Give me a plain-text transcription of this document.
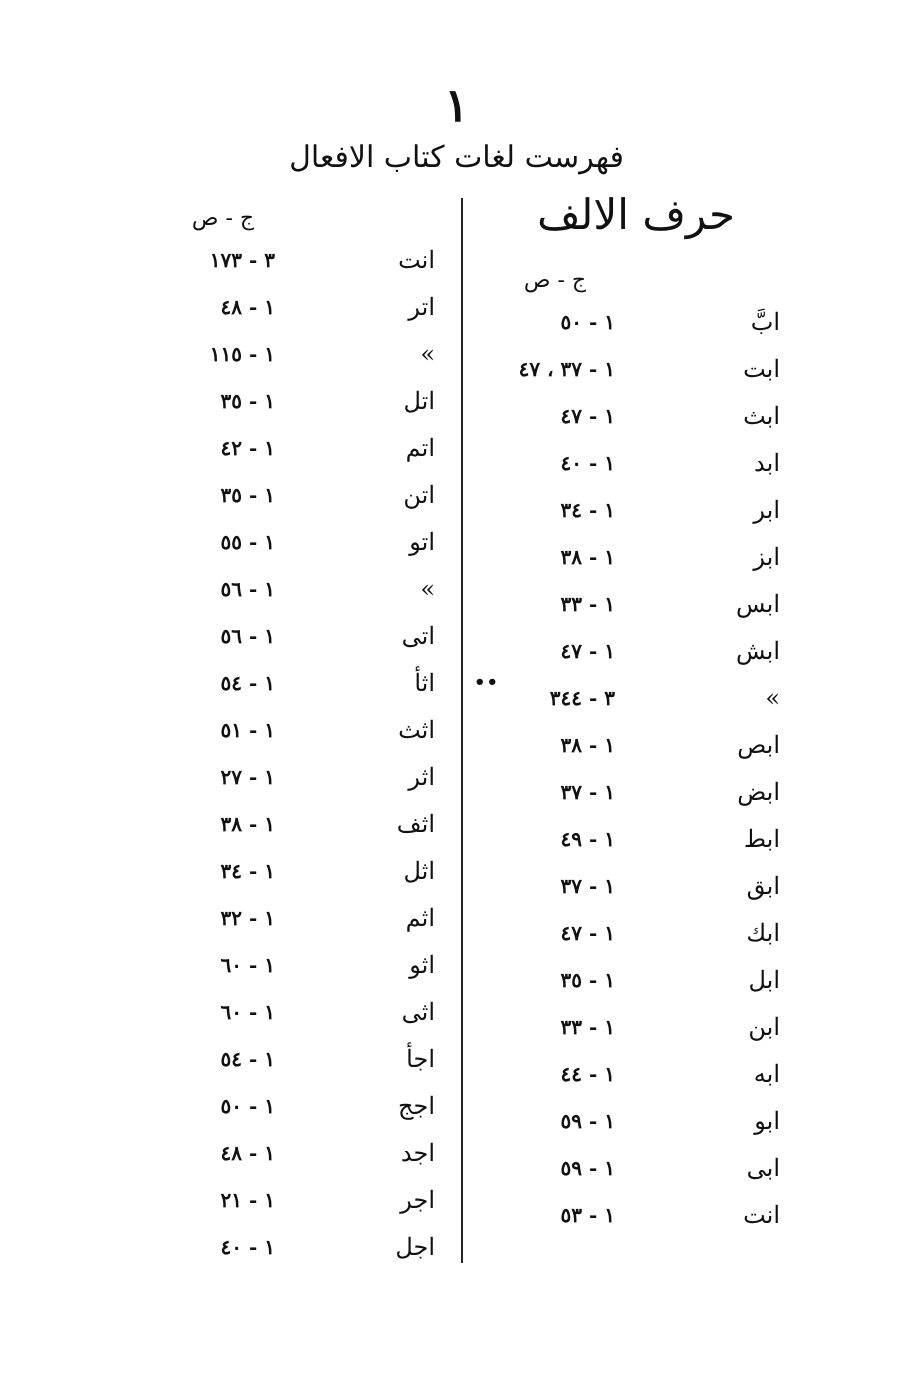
١
فهرست لغات كتاب الافعال
حرف الالف
ج - ص
ج - ص
••
ابَّ
١ - ٥٠
ابت
١ - ٣٧ ، ٤٧
ابث
١ - ٤٧
ابد
١ - ٤٠
ابر
١ - ٣٤
ابز
١ - ٣٨
ابس
١ - ٣٣
ابش
١ - ٤٧
»
٣ - ٣٤٤
ابص
١ - ٣٨
ابض
١ - ٣٧
ابط
١ - ٤٩
ابق
١ - ٣٧
ابك
١ - ٤٧
ابل
١ - ٣٥
ابن
١ - ٣٣
ابه
١ - ٤٤
ابو
١ - ٥٩
ابى
١ - ٥٩
انت
١ - ٥٣
انت
٣ - ١٧٣
اتر
١ - ٤٨
»
١ - ١١٥
اتل
١ - ٣٥
اتم
١ - ٤٢
اتن
١ - ٣٥
اتو
١ - ٥٥
»
١ - ٥٦
اتى
١ - ٥٦
اثأ
١ - ٥٤
اثث
١ - ٥١
اثر
١ - ٢٧
اثف
١ - ٣٨
اثل
١ - ٣٤
اثم
١ - ٣٢
اثو
١ - ٦٠
اثى
١ - ٦٠
اجأ
١ - ٥٤
اجج
١ - ٥٠
اجد
١ - ٤٨
اجر
١ - ٢١
اجل
١ - ٤٠
